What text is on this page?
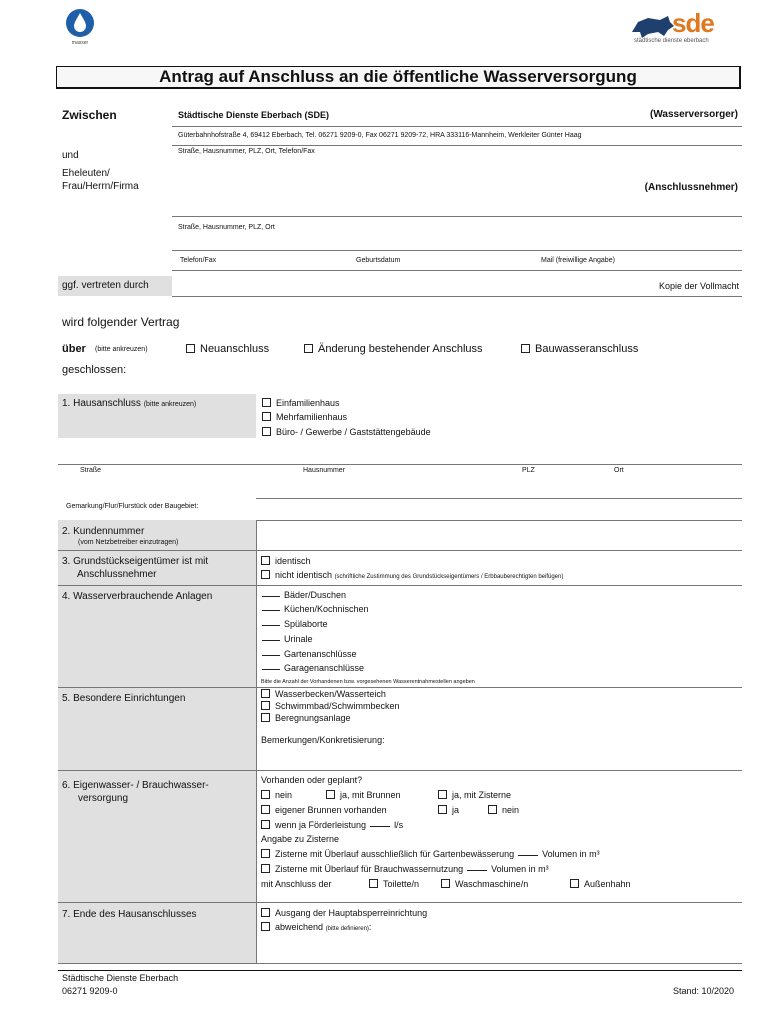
masser
sde
städtische dienste eberbach
Antrag auf Anschluss an die öffentliche Wasserversorgung
Zwischen	Städtische Dienste Eberbach (SDE)	(Wasserversorger)
Güterbahnhofstraße 4, 69412 Eberbach, Tel. 06271 9209-0, Fax 06271 9209-72, HRA 333116-Mannheim, Werkleiter Günter Haag
Straße, Hausnummer, PLZ, Ort, Telefon/Fax
und
Eheleuten/
Frau/Herrn/Firma	(Anschlussnehmer)
Straße, Hausnummer, PLZ, Ort
Telefon/Fax	Geburtsdatum	Mail (freiwillige Angabe)
ggf. vertreten durch	Kopie der Vollmacht
wird folgender Vertrag
über (bitte ankreuzen)	Neuanschluss	Änderung bestehender Anschluss	Bauwasseranschluss
geschlossen:
1. Hausanschluss (bitte ankreuzen)	Einfamilienhaus
Mehrfamilienhaus
Büro- / Gewerbe / Gaststättengebäude
Straße	Hausnummer	PLZ	Ort
Gemarkung/Flur/Flurstück oder Baugebiet:
2. Kundennummer
(vom Netzbetreiber einzutragen)
3. Grundstückseigentümer ist mit
Anschlussnehmer
identisch
nicht identisch (schriftliche Zustimmung des Grundstückseigentümers / Erbbauberechtigten beifügen)
4. Wasserverbrauchende Anlagen	Bäder/Duschen
Küchen/Kochnischen
Spülaborte
Urinale
Gartenanschlüsse
Garagenanschlüsse
Bitte die Anzahl der Vorhandenen bzw. vorgesehenen Wasserentnahmestellen angeben
5. Besondere Einrichtungen	Wasserbecken/Wasserteich
Schwimmbad/Schwimmbecken
Beregnungsanlage
Bemerkungen/Konkretisierung:
6. Eigenwasser- / Brauchwasser-
versorgung
Vorhanden oder geplant?
nein	ja, mit Brunnen	ja, mit Zisterne
eigener Brunnen vorhanden	ja	nein
wenn ja Förderleistung	l/s
Angabe zu Zisterne
Zisterne mit Überlauf ausschließlich für Gartenbewässerung	Volumen in m³
Zisterne mit Überlauf für Brauchwassernutzung	Volumen in m³
mit Anschluss der	Toilette/n	Waschmaschine/n	Außenhahn
7. Ende des Hausanschlusses	Ausgang der Hauptabsperreinrichtung
abweichend (bitte definieren):
Städtische Dienste Eberbach
06271 9209-0	Stand: 10/2020
